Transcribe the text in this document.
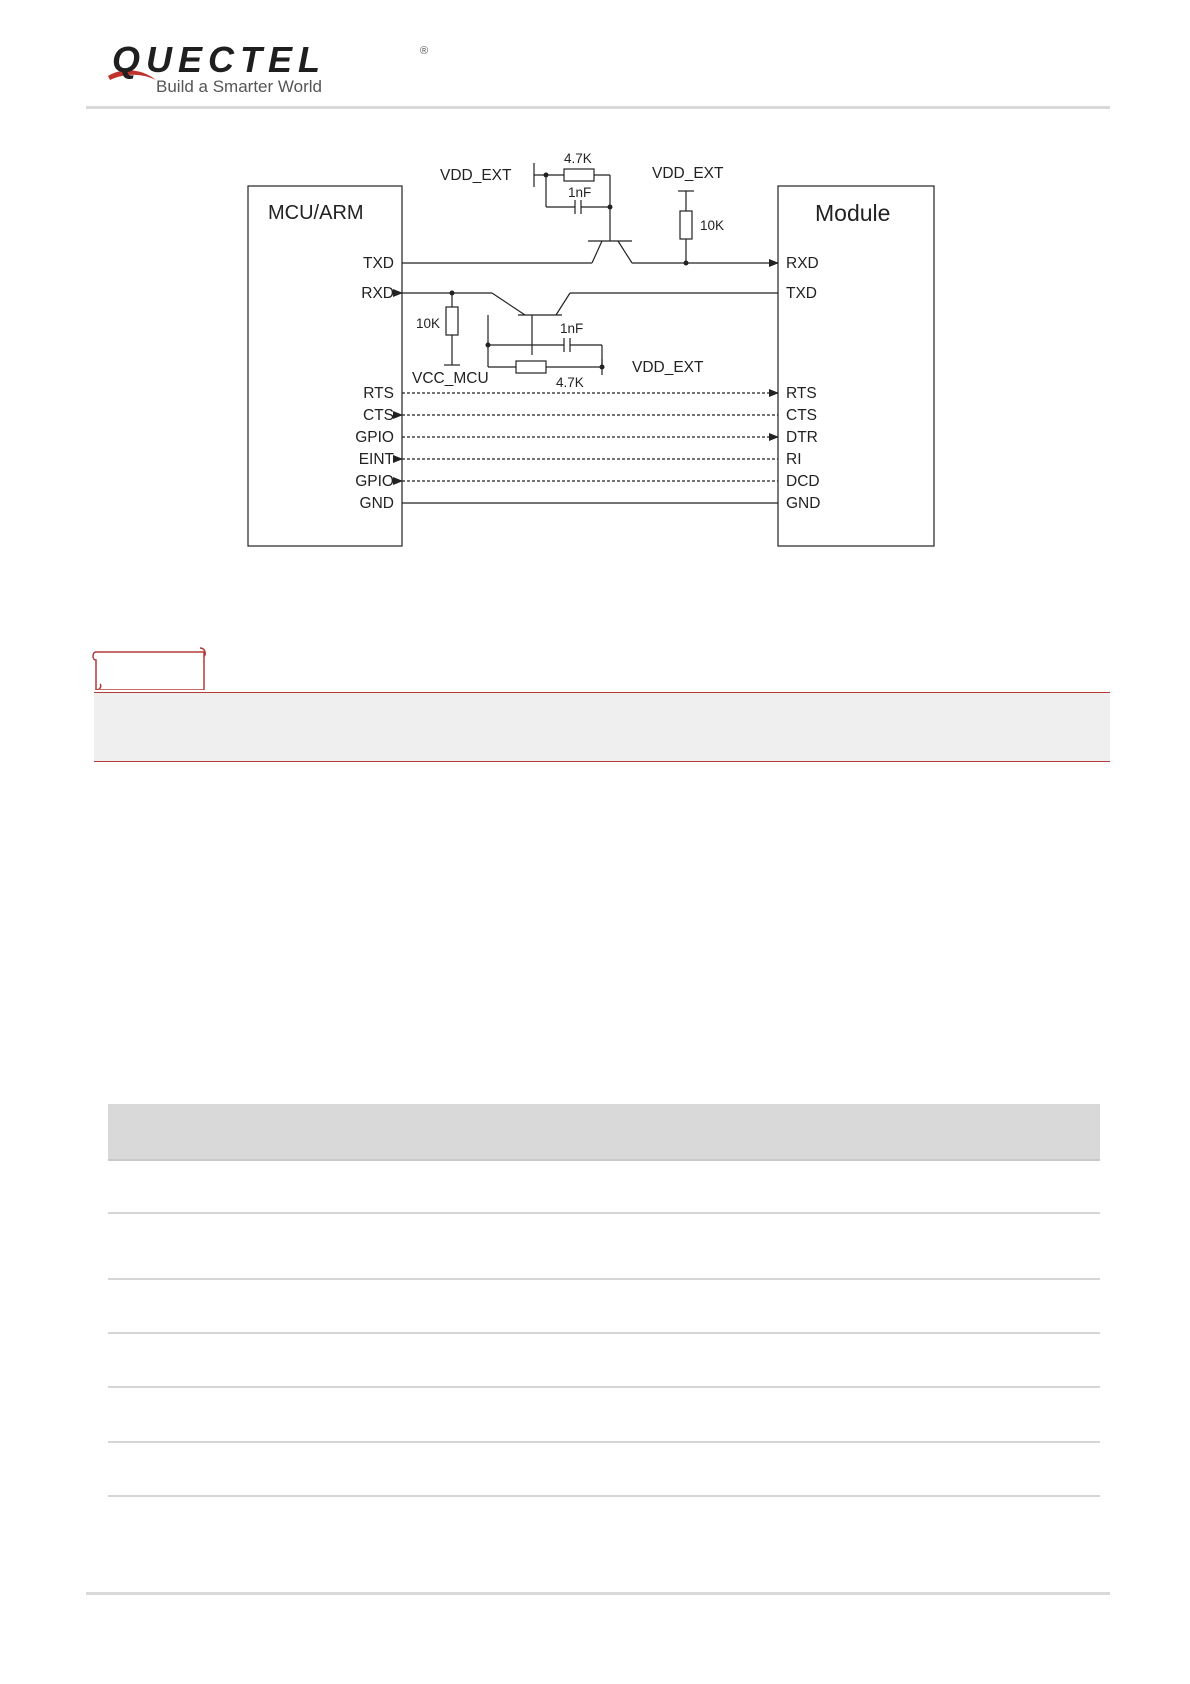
QUECTEL	®
Build a Smarter World
MCU/ARM	Module
TXD
RXD
RTS
CTS
GPIO
EINT
GPIO
GND
RXD
TXD
RTS
CTS
DTR
RI
DCD
GND
VDD_EXT
4.7K
1nF
VDD_EXT
10K
10K
VCC_MCU
1nF
4.7K
VDD_EXT
